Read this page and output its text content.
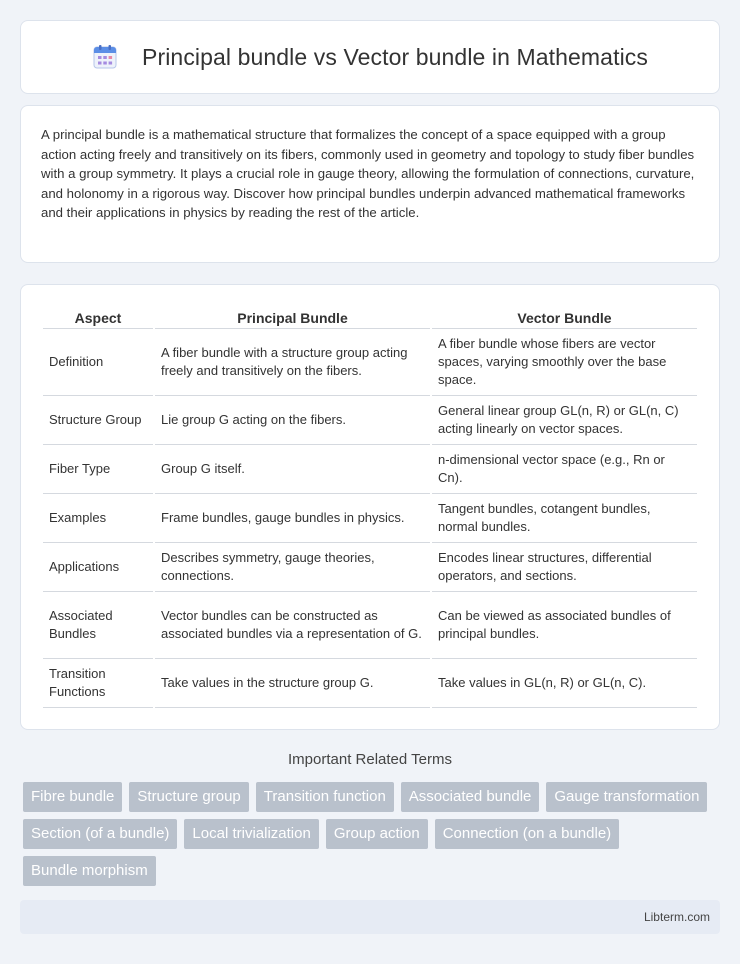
Principal bundle vs Vector bundle in Mathematics

A principal bundle is a mathematical structure that formalizes the concept of a space equipped with a group action acting freely and transitively on its fibers, commonly used in geometry and topology to study fiber bundles with a group symmetry. It plays a crucial role in gauge theory, allowing the formulation of connections, curvature, and holonomy in a rigorous way. Discover how principal bundles underpin advanced mathematical frameworks and their applications in physics by reading the rest of the article.

Aspect	Principal Bundle	Vector Bundle
Definition	A fiber bundle with a structure group acting freely and transitively on the fibers.	A fiber bundle whose fibers are vector spaces, varying smoothly over the base space.
Structure Group	Lie group G acting on the fibers.	General linear group GL(n, R) or GL(n, C) acting linearly on vector spaces.
Fiber Type	Group G itself.	n-dimensional vector space (e.g., Rn or Cn).
Examples	Frame bundles, gauge bundles in physics.	Tangent bundles, cotangent bundles, normal bundles.
Applications	Describes symmetry, gauge theories, connections.	Encodes linear structures, differential operators, and sections.
Associated Bundles	Vector bundles can be constructed as associated bundles via a representation of G.	Can be viewed as associated bundles of principal bundles.
Transition Functions	Take values in the structure group G.	Take values in GL(n, R) or GL(n, C).
Important Related Terms
Fibre bundle	Structure group	Transition function	Associated bundle	Gauge transformation
Section (of a bundle)	Local trivialization	Group action	Connection (on a bundle)
Bundle morphism
Libterm.com
